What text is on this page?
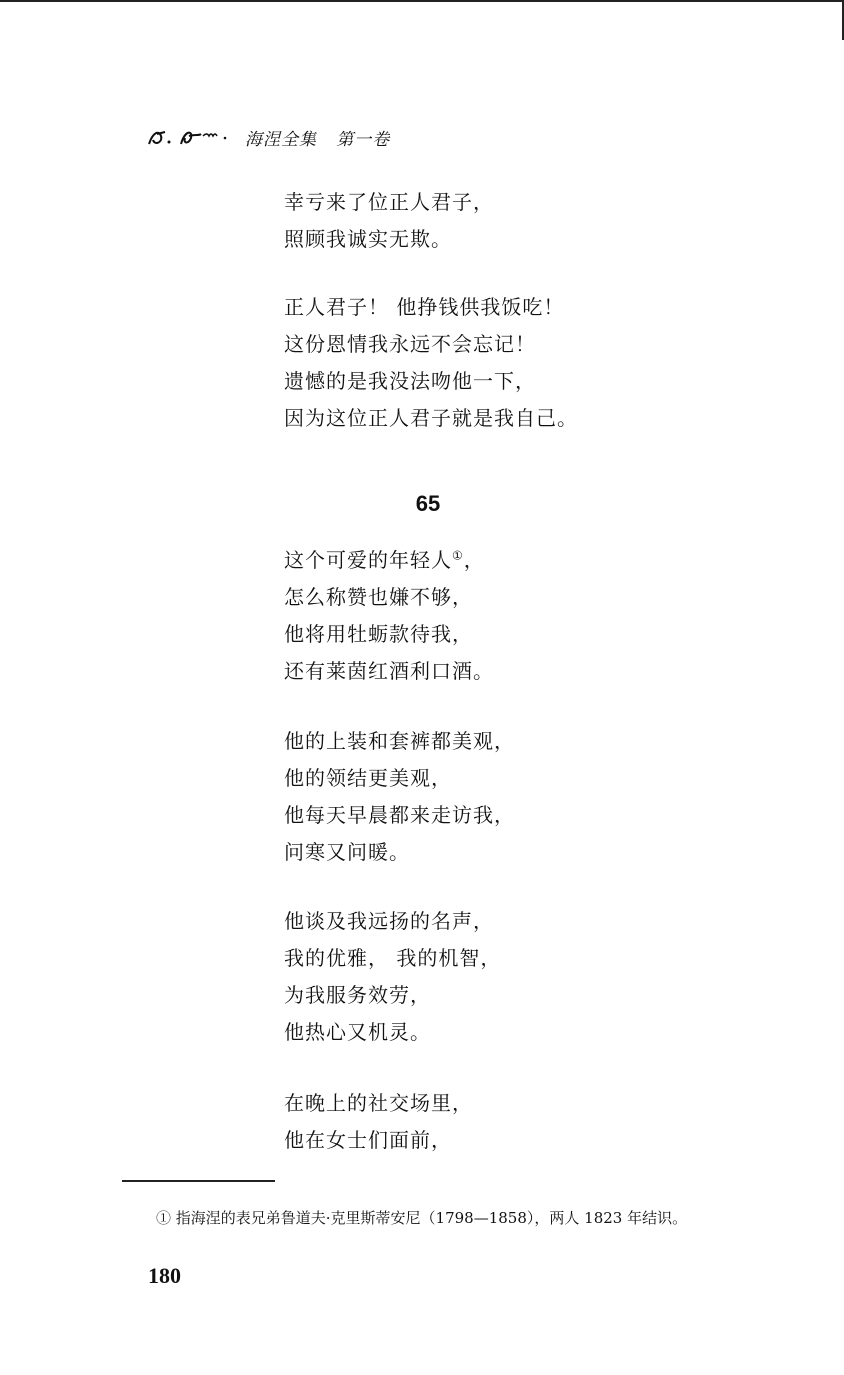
海涅全集   第一卷
幸亏来了位正人君子，
照顾我诚实无欺。
正人君子！ 他挣钱供我饭吃！
这份恩情我永远不会忘记！
遗憾的是我没法吻他一下，
因为这位正人君子就是我自己。
65
这个可爱的年轻人①，
怎么称赞也嫌不够，
他将用牡蛎款待我，
还有莱茵红酒利口酒。
他的上装和套裤都美观，
他的领结更美观，
他每天早晨都来走访我，
问寒又问暖。
他谈及我远扬的名声，
我的优雅， 我的机智，
为我服务效劳，
他热心又机灵。
在晚上的社交场里，
他在女士们面前，

① 指海涅的表兄弟鲁道夫·克里斯蒂安尼（1798—1858），两人 1823 年结识。

180
